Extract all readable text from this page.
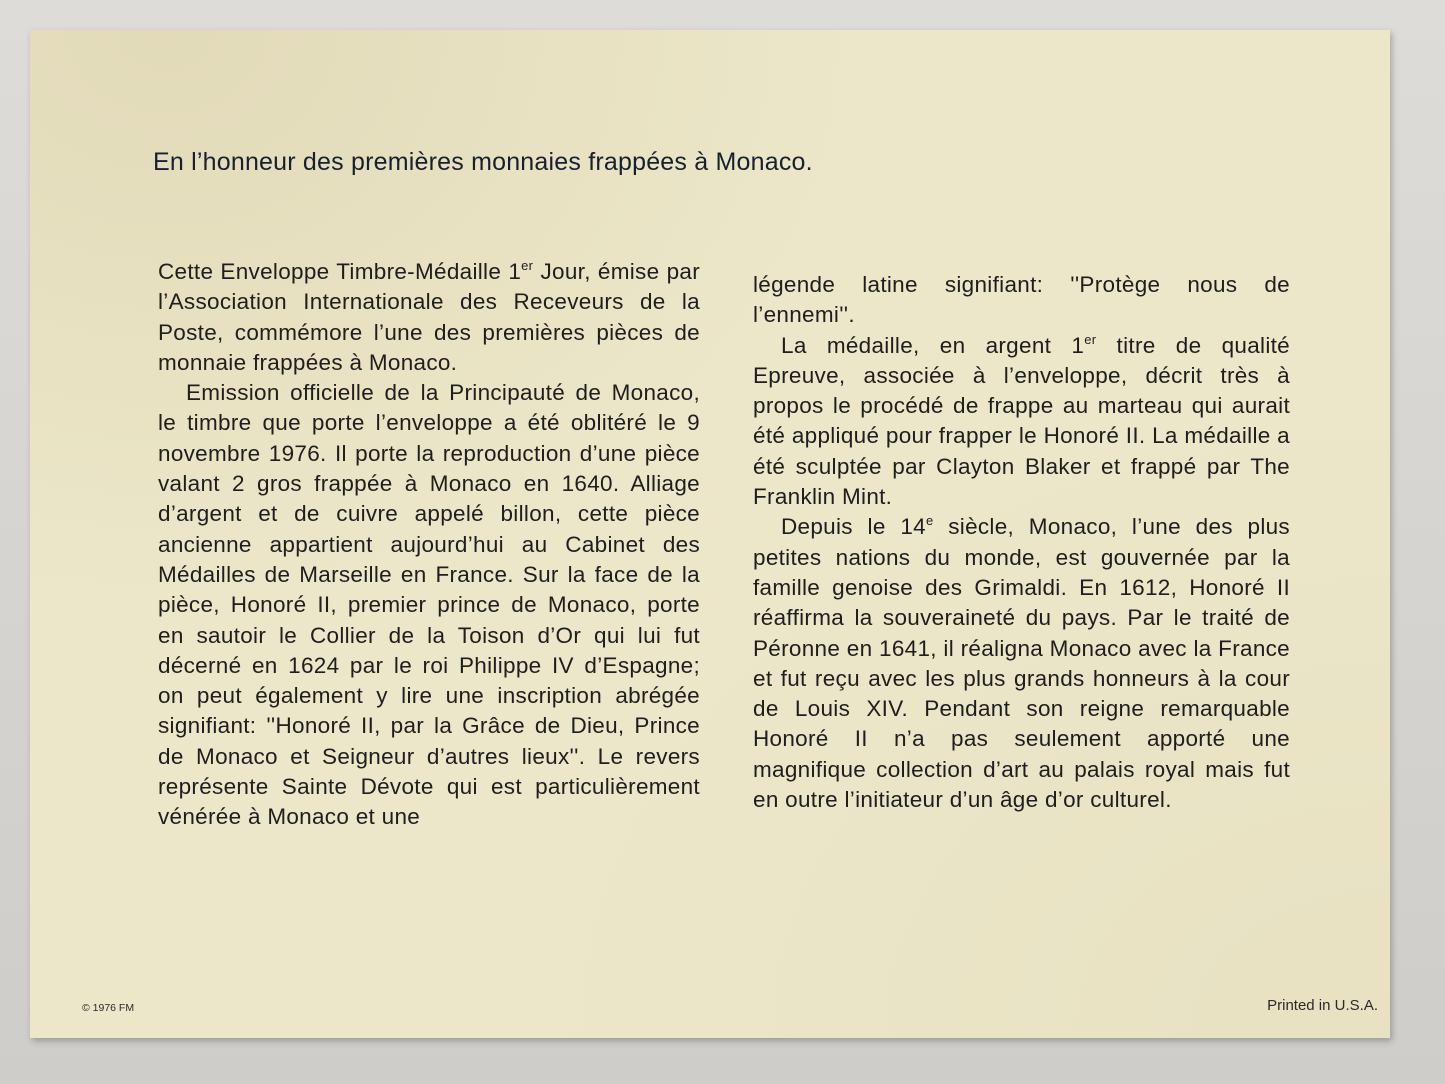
En l’honneur des premières monnaies frappées à Monaco.

Cette Enveloppe Timbre-Médaille 1er Jour, émise par l’Association Internationale des Receveurs de la Poste, commémore l’une des premières pièces de monnaie frappées à Monaco.

Emission officielle de la Principauté de Monaco, le timbre que porte l’enveloppe a été oblitéré le 9 novembre 1976. Il porte la reproduction d’une pièce valant 2 gros frappée à Monaco en 1640. Alliage d’argent et de cuivre appelé billon, cette pièce ancienne appartient aujourd’hui au Cabinet des Médailles de Marseille en France. Sur la face de la pièce, Honoré II, premier prince de Monaco, porte en sautoir le Collier de la Toison d’Or qui lui fut décerné en 1624 par le roi Philippe IV d’Espagne; on peut également y lire une inscription abrégée signifiant: ''Honoré II, par la Grâce de Dieu, Prince de Monaco et Seigneur d’autres lieux''. Le revers représente Sainte Dévote qui est particulièrement vénérée à Monaco et une

légende latine signifiant: ''Protège nous de l’ennemi''.

La médaille, en argent 1er titre de qualité Epreuve, associée à l’enveloppe, décrit très à propos le procédé de frappe au marteau qui aurait été appliqué pour frapper le Honoré II. La médaille a été sculptée par Clayton Blaker et frappé par The Franklin Mint.

Depuis le 14e siècle, Monaco, l’une des plus petites nations du monde, est gouvernée par la famille genoise des Grimaldi. En 1612, Honoré II réaffirma la souveraineté du pays. Par le traité de Péronne en 1641, il réaligna Monaco avec la France et fut reçu avec les plus grands honneurs à la cour de Louis XIV. Pendant son reigne remarquable Honoré II n’a pas seulement apporté une magnifique collection d’art au palais royal mais fut en outre l’initiateur d’un âge d’or culturel.

© 1976 FM	Printed in U.S.A.
